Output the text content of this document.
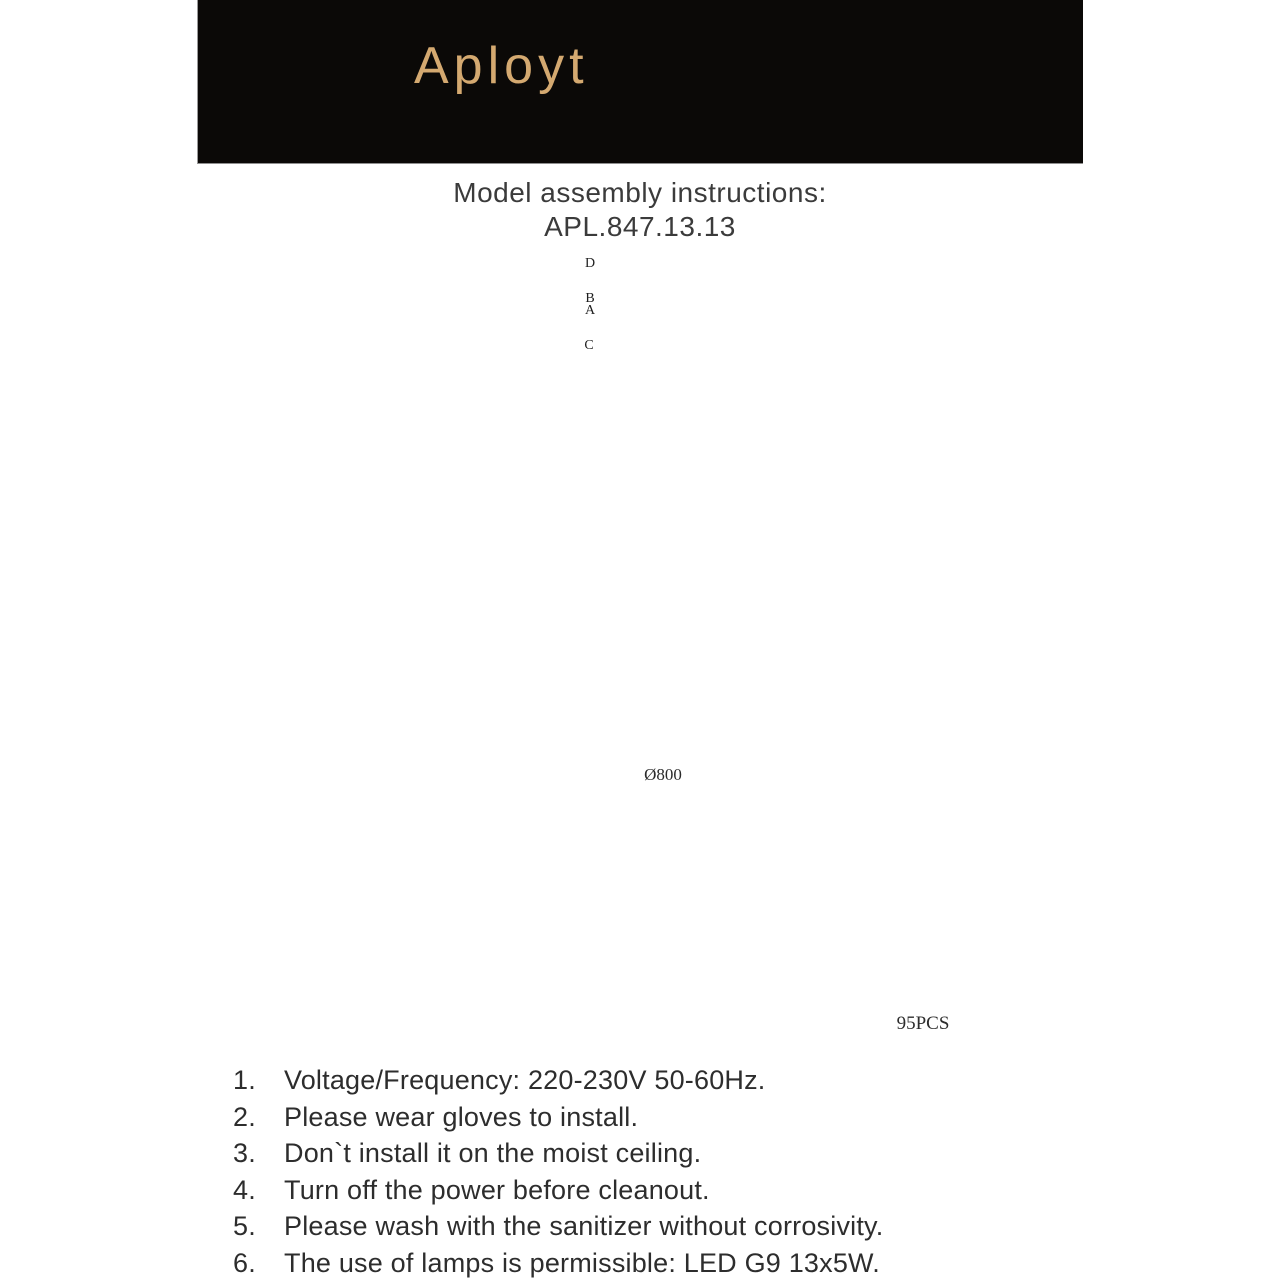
Aployt
Model assembly instructions:
APL.847.13.13
D
B
A
C
Ø800
95PCS
1.	Voltage/Frequency: 220-230V 50-60Hz.
2.	Please wear gloves to install.
3.	Don`t install it on the moist ceiling.
4.	Turn off the power before cleanout.
5.	Please wash with the sanitizer without corrosivity.
6.	The use of lamps is permissible: LED G9 13x5W.
